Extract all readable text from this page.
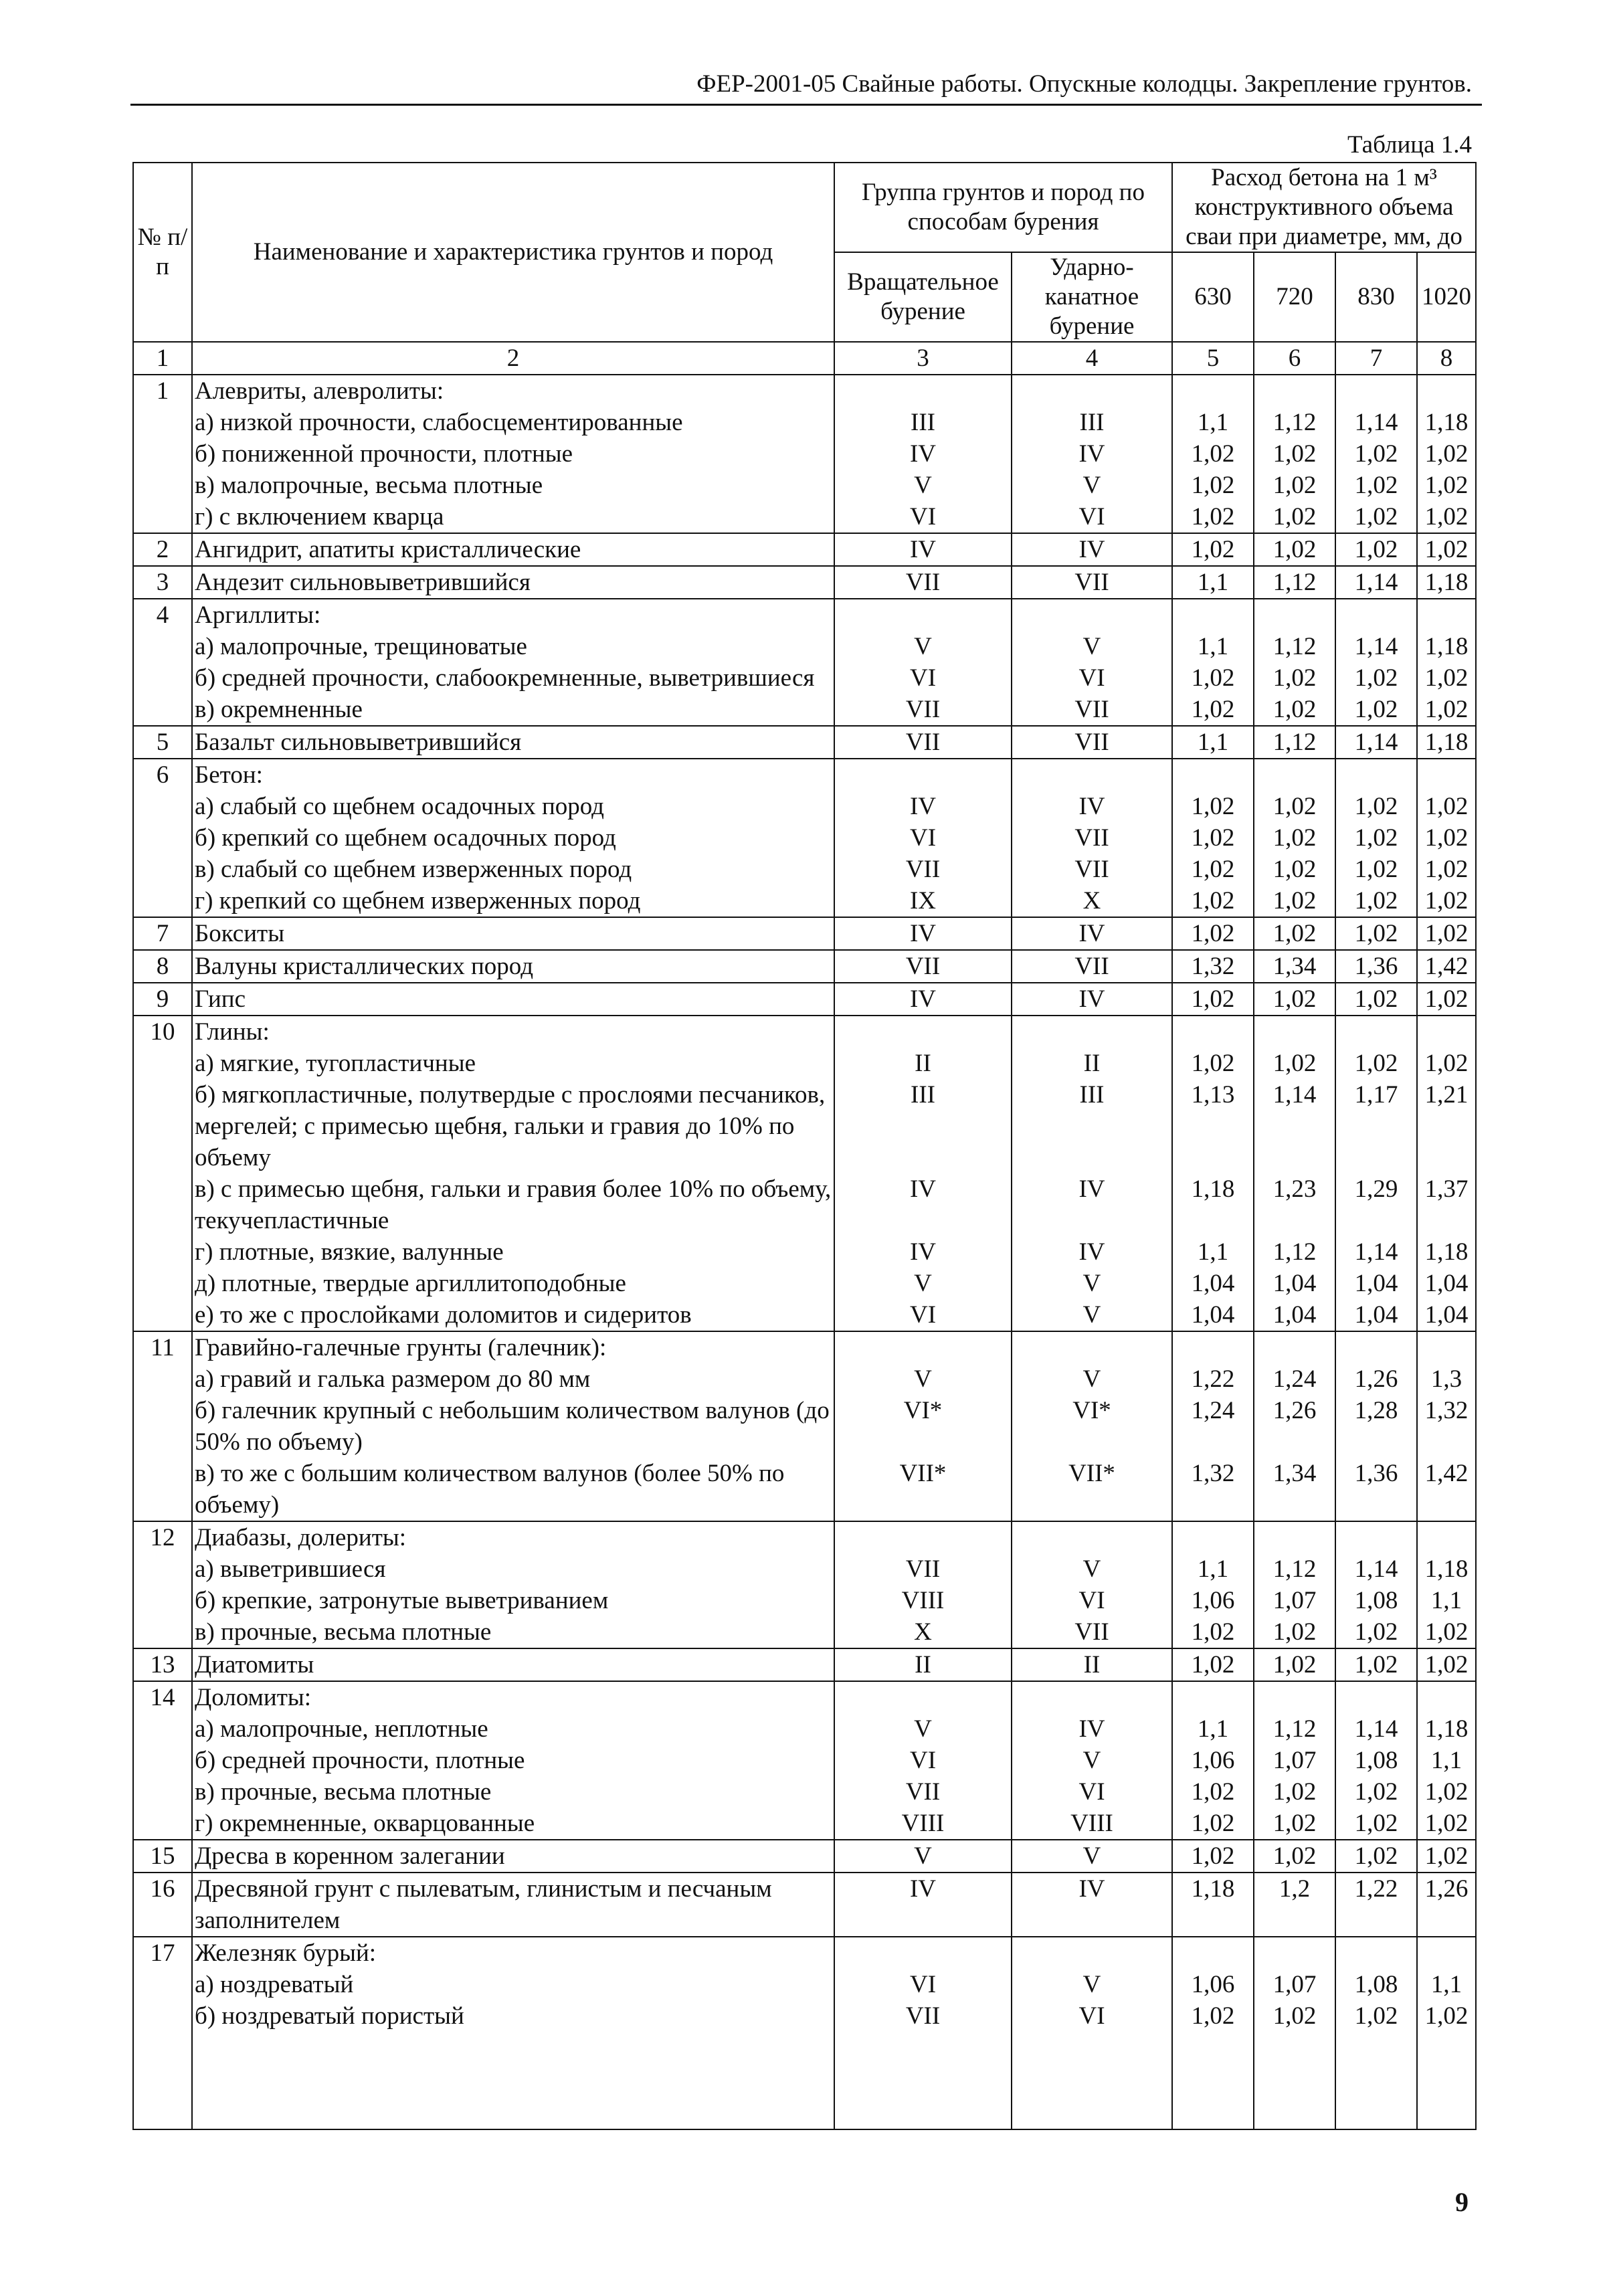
ФЕР-2001-05 Свайные работы. Опускные колодцы. Закрепление грунтов.
Таблица 1.4
№ п/п	Наименование и характеристика грунтов и пород	Группа грунтов и пород по способам бурения		Расход бетона на 1 м³ конструктивного объема сваи при диаметре, мм, до			
		Вращательное бурение	Ударно-канатное бурение	630	720	830	1020
1	2	3	4	5	6	7	8
1	Алевриты, алевролиты:						
	а) низкой прочности, слабосцементированные	III	III	1,1	1,12	1,14	1,18
	б) пониженной прочности, плотные	IV	IV	1,02	1,02	1,02	1,02
	в) малопрочные, весьма плотные	V	V	1,02	1,02	1,02	1,02
	г) с включением кварца	VI	VI	1,02	1,02	1,02	1,02
2	Ангидрит, апатиты кристаллические	IV	IV	1,02	1,02	1,02	1,02
3	Андезит сильновыветрившийся	VII	VII	1,1	1,12	1,14	1,18
4	Аргиллиты:						
	а) малопрочные, трещиноватые	V	V	1,1	1,12	1,14	1,18
	б) средней прочности, слабоокремненные, выветрившиеся	VI	VI	1,02	1,02	1,02	1,02
	в) окремненные	VII	VII	1,02	1,02	1,02	1,02
5	Базальт сильновыветрившийся	VII	VII	1,1	1,12	1,14	1,18
6	Бетон:						
	а) слабый со щебнем осадочных пород	IV	IV	1,02	1,02	1,02	1,02
	б) крепкий со щебнем осадочных пород	VI	VII	1,02	1,02	1,02	1,02
	в) слабый со щебнем изверженных пород	VII	VII	1,02	1,02	1,02	1,02
	г) крепкий со щебнем изверженных пород	IX	X	1,02	1,02	1,02	1,02
7	Бокситы	IV	IV	1,02	1,02	1,02	1,02
8	Валуны кристаллических пород	VII	VII	1,32	1,34	1,36	1,42
9	Гипс	IV	IV	1,02	1,02	1,02	1,02
10	Глины:						
	а) мягкие, тугопластичные	II	II	1,02	1,02	1,02	1,02
	б) мягкопластичные, полутвердые с прослоями песчаников, мергелей; с примесью щебня, гальки и гравия до 10% по объему	III	III	1,13	1,14	1,17	1,21
	в) с примесью щебня, гальки и гравия более 10% по объему, текучепластичные	IV	IV	1,18	1,23	1,29	1,37
	г) плотные, вязкие, валунные	IV	IV	1,1	1,12	1,14	1,18
	д) плотные, твердые аргиллитоподобные	V	V	1,04	1,04	1,04	1,04
	е) то же с прослойками доломитов и сидеритов	VI	V	1,04	1,04	1,04	1,04
11	Гравийно-галечные грунты (галечник):						
	а) гравий и галька размером до 80 мм	V	V	1,22	1,24	1,26	1,3
	б) галечник крупный с небольшим количеством валунов (до 50% по объему)	VI*	VI*	1,24	1,26	1,28	1,32
	в) то же с большим количеством валунов (более 50% по объему)	VII*	VII*	1,32	1,34	1,36	1,42
12	Диабазы, долериты:						
	а) выветрившиеся	VII	V	1,1	1,12	1,14	1,18
	б) крепкие, затронутые выветриванием	VIII	VI	1,06	1,07	1,08	1,1
	в) прочные, весьма плотные	X	VII	1,02	1,02	1,02	1,02
13	Диатомиты	II	II	1,02	1,02	1,02	1,02
14	Доломиты:						
	а) малопрочные, неплотные	V	IV	1,1	1,12	1,14	1,18
	б) средней прочности, плотные	VI	V	1,06	1,07	1,08	1,1
	в) прочные, весьма плотные	VII	VI	1,02	1,02	1,02	1,02
	г) окремненные, окварцованные	VIII	VIII	1,02	1,02	1,02	1,02
15	Дресва в коренном залегании	V	V	1,02	1,02	1,02	1,02
16	Дресвяной грунт с пылеватым, глинистым и песчаным заполнителем	IV	IV	1,18	1,2	1,22	1,26
17	Железняк бурый:						
	а) ноздреватый	VI	V	1,06	1,07	1,08	1,1
	б) ноздреватый пористый	VII	VI	1,02	1,02	1,02	1,02

9
